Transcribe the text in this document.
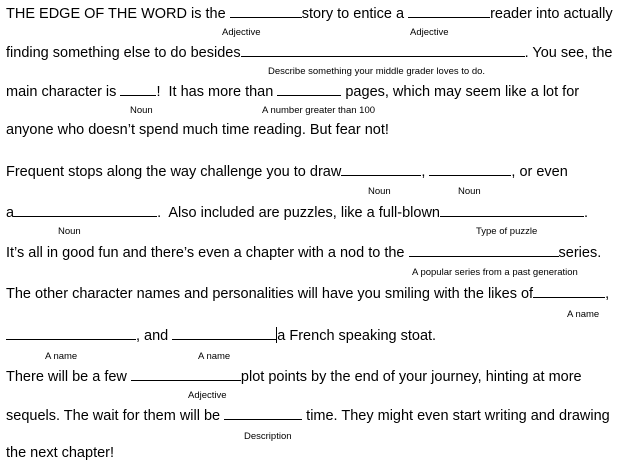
THE EDGE OF THE WORD is the	story to entice a	reader into actually
Adjective	Adjective
finding something else to do besides	. You see, the
Describe something your middle grader loves to do.
main character is !  It has more than	pages, which may seem like a lot for
Noun	A number greater than 100
anyone who doesn’t spend much time reading. But fear not!
Frequent stops along the way challenge you to draw	,	, or even
Noun	Noun
a	.  Also included are puzzles, like a full-blown	.
Noun	Type of puzzle
It’s all in good fun and there’s even a chapter with a nod to the	series.
A popular series from a past generation
The other character names and personalities will have you smiling with the likes of	,
A name
, and	a French speaking stoat.
A name	A name
There will be a few	plot points by the end of your journey, hinting at more
Adjective
sequels. The wait for them will be	time. They might even start writing and drawing
Description
the next chapter!
